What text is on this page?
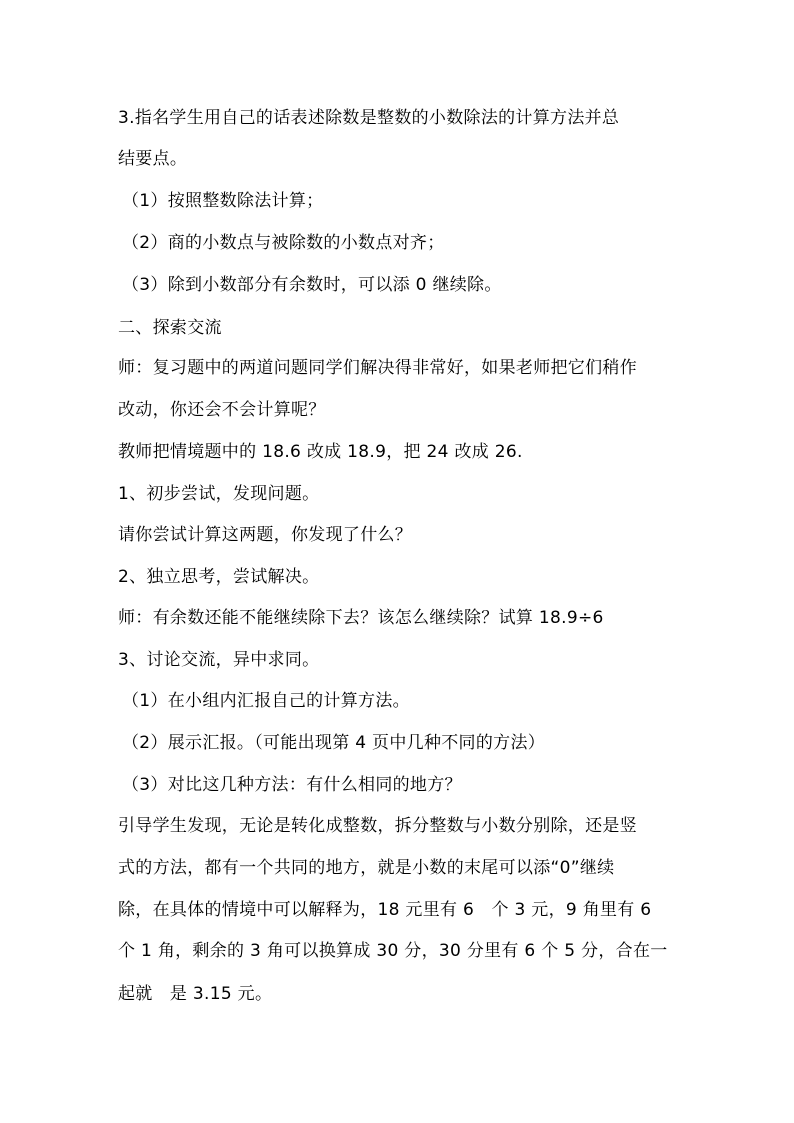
3.指名学生用自己的话表述除数是整数的小数除法的计算方法并总
结要点。
（1）按照整数除法计算；
（2）商的小数点与被除数的小数点对齐；
（3）除到小数部分有余数时，可以添 0 继续除。
二、探索交流
师：复习题中的两道问题同学们解决得非常好，如果老师把它们稍作
改动，你还会不会计算呢？
教师把情境题中的 18.6 改成 18.9，把 24 改成 26.
1、初步尝试，发现问题。
请你尝试计算这两题，你发现了什么？
2、独立思考，尝试解决。
师：有余数还能不能继续除下去？该怎么继续除？试算 18.9÷6
3、讨论交流，异中求同。
（1）在小组内汇报自己的计算方法。
（2）展示汇报。（可能出现第 4 页中几种不同的方法）
（3）对比这几种方法：有什么相同的地方？
引导学生发现，无论是转化成整数，拆分整数与小数分别除，还是竖
式的方法，都有一个共同的地方，就是小数的末尾可以添“0”继续
除，在具体的情境中可以解释为，18 元里有 6　个 3 元，9 角里有 6
个 1 角，剩余的 3 角可以换算成 30 分，30 分里有 6 个 5 分，合在一
起就　是 3.15 元。
